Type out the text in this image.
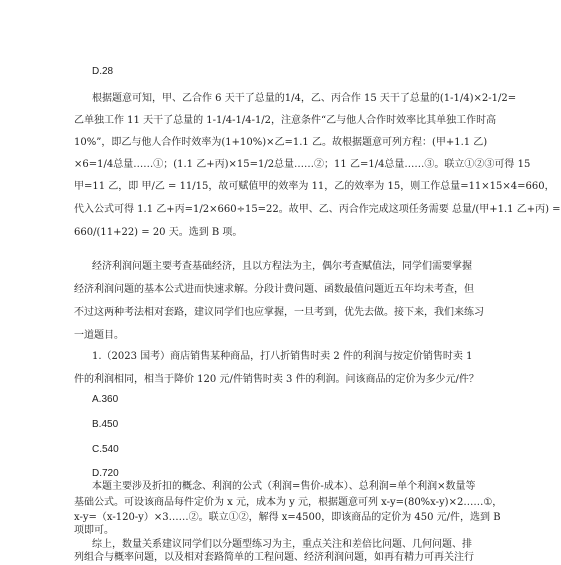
D.28
根据题意可知，甲、乙合作 6 天干了总量的1/4，乙、丙合作 15 天干了总量的(1-1/4)×2-1/2=
乙单独工作 11 天干了总量的 1-1/4-1/4-1/2，注意条件“乙与他人合作时效率比其单独工作时高
10%”，即乙与他人合作时效率为(1+10%)×乙=1.1 乙。故根据题意可列方程：(甲+1.1 乙)
×6=1/4总量……①；(1.1 乙+丙)×15=1/2总量……②；11 乙=1/4总量……③。联立①②③可得 15
甲=11 乙，即 甲/乙 = 11/15，故可赋值甲的效率为 11，乙的效率为 15，则工作总量=11×15×4=660，
代入公式可得 1.1 乙+丙=1/2×660÷15=22。故甲、乙、丙合作完成这项任务需要 总量/(甲+1.1 乙+丙) =
660/(11+22) = 20 天。选到 B 项。
经济利润问题主要考查基础经济，且以方程法为主，偶尔考查赋值法，同学们需要掌握
经济利润问题的基本公式进而快速求解。分段计费问题、函数最值问题近五年均未考查，但
不过这两种考法相对套路，建议同学们也应掌握，一旦考到，优先去做。接下来，我们来练习
一道题目。
1.（2023 国考）商店销售某种商品，打八折销售时卖 2 件的利润与按定价销售时卖 1
件的利润相同，相当于降价 120 元/件销售时卖 3 件的利润。问该商品的定价为多少元/件？
A.360
B.450
C.540
D.720
本题主要涉及折扣的概念、利润的公式（利润=售价-成本）、总利润=单个利润×数量等
基础公式。可设该商品每件定价为 x 元，成本为 y 元，根据题意可列 x-y=(80%x-y)×2……①，
x-y=（x-120-y）×3……②。联立①②，解得 x=4500，即该商品的定价为 450 元/件，选到 B
项即可。
综上，数量关系建议同学们以分题型练习为主，重点关注和差倍比问题、几何问题、排
列组合与概率问题，以及相对套路简单的工程问题、经济利润问题，如再有精力可再关注行
